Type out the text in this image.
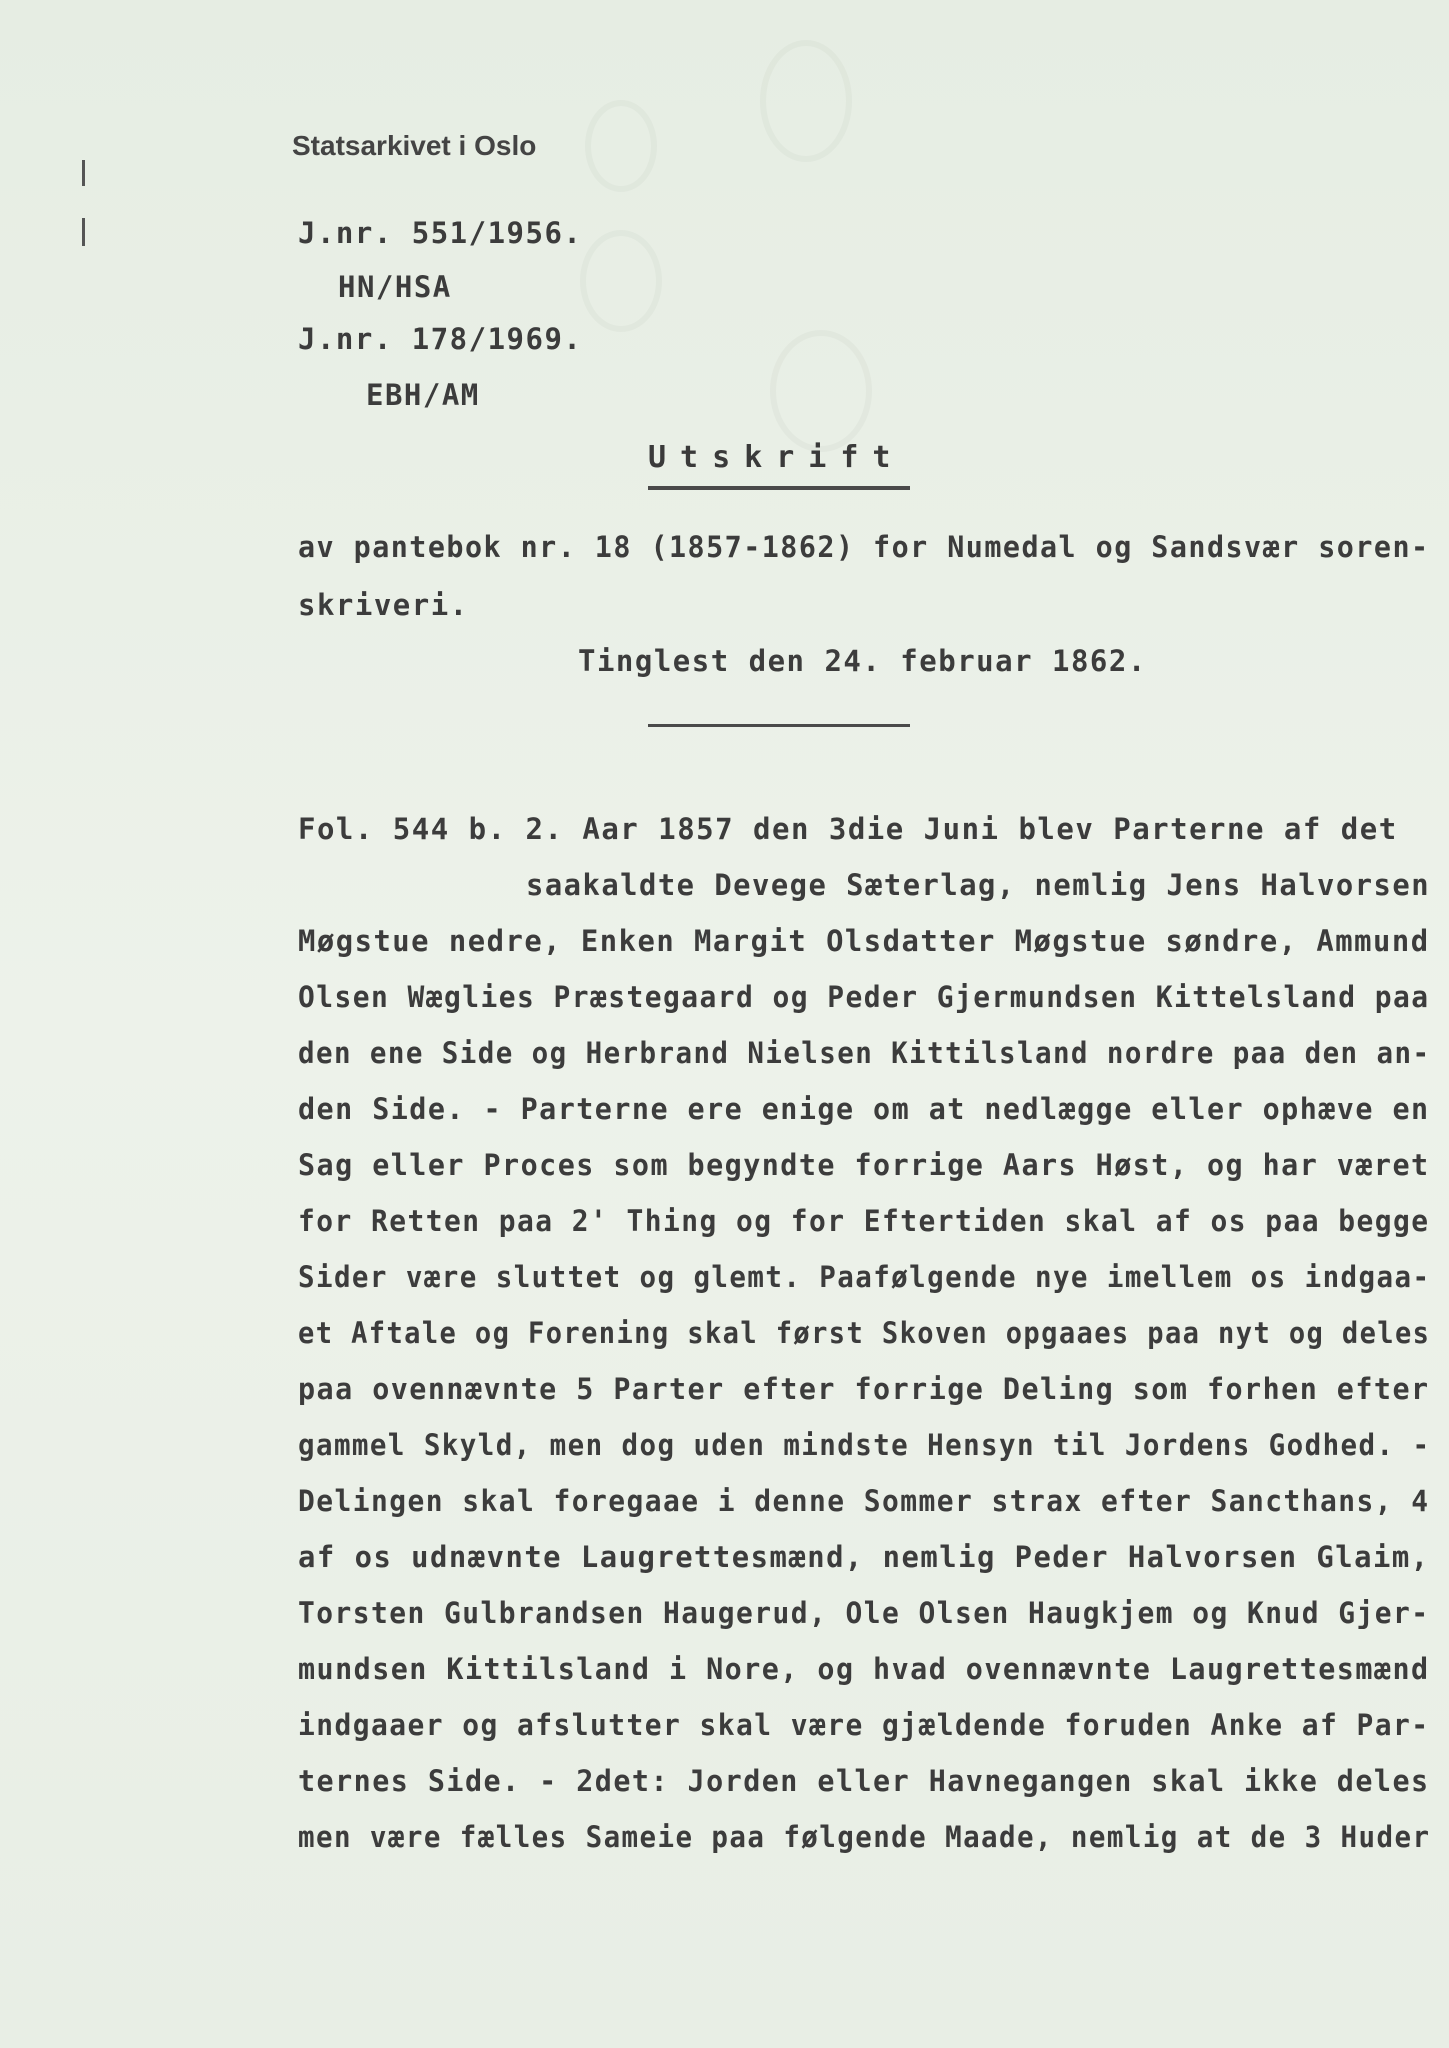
Statsarkivet i Oslo
J.nr. 551/1956.
HN/HSA
J.nr. 178/1969.
EBH/AM
Utskrift
av pantebok nr. 18 (1857-1862) for Numedal og Sandsvær soren-
skriveri.
Tinglest den 24. februar 1862.
Fol. 544 b. 2. Aar 1857 den 3die Juni blev Parterne af det
saakaldte Devege Sæterlag, nemlig Jens Halvorsen
Møgstue nedre, Enken Margit Olsdatter Møgstue søndre, Ammund
Olsen Wæglies Præstegaard og Peder Gjermundsen Kittelsland paa
den ene Side og Herbrand Nielsen Kittilsland nordre paa den an-
den Side. - Parterne ere enige om at nedlægge eller ophæve en
Sag eller Proces som begyndte forrige Aars Høst, og har været
for Retten paa 2' Thing og for Eftertiden skal af os paa begge
Sider være sluttet og glemt. Paafølgende nye imellem os indgaa-
et Aftale og Forening skal først Skoven opgaaes paa nyt og deles
paa ovennævnte 5 Parter efter forrige Deling som forhen efter
gammel Skyld, men dog uden mindste Hensyn til Jordens Godhed. -
Delingen skal foregaae i denne Sommer strax efter Sancthans, 4
af os udnævnte Laugrettesmænd, nemlig Peder Halvorsen Glaim,
Torsten Gulbrandsen Haugerud, Ole Olsen Haugkjem og Knud Gjer-
mundsen Kittilsland i Nore, og hvad ovennævnte Laugrettesmænd
indgaaer og afslutter skal være gjældende foruden Anke af Par-
ternes Side. - 2det: Jorden eller Havnegangen skal ikke deles
men være fælles Sameie paa følgende Maade, nemlig at de 3 Huder
